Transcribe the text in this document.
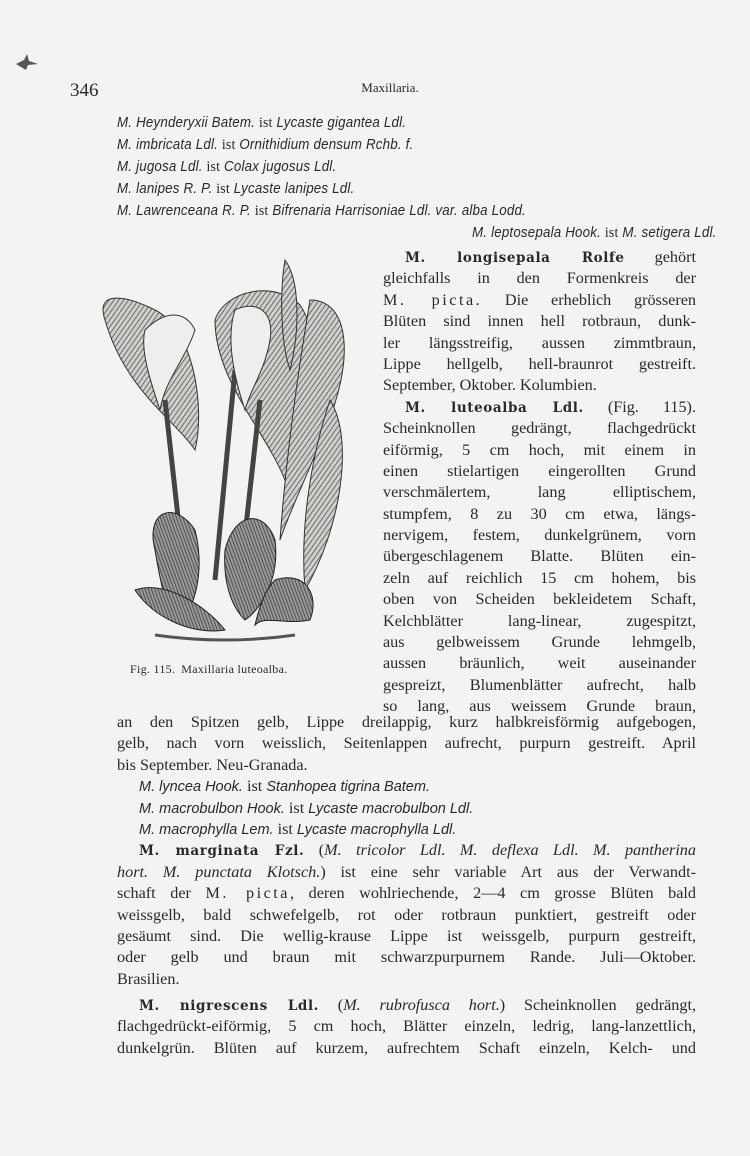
346	Maxillaria.
M. Heynderyxii Batem. ist Lycaste gigantea Ldl.
M. imbricata Ldl. ist Ornithidium densum Rchb. f.
M. jugosa Ldl. ist Colax jugosus Ldl.
M. lanipes R. P. ist Lycaste lanipes Ldl.
M. Lawrenceana R. P. ist Bifrenaria Harrisoniae Ldl. var. alba Lodd.
M. leptosepala Hook. ist M. setigera Ldl.
Fig. 115. Maxillaria luteoalba.
M. longisepala Rolfe gehört
gleichfalls in den Formenkreis der
M. picta. Die erheblich grösseren
Blüten sind innen hell rotbraun, dunk-
ler längsstreifig, aussen zimmtbraun,
Lippe hellgelb, hell-braunrot gestreift.
September, Oktober. Kolumbien.
M. luteoalba Ldl. (Fig. 115).
Scheinknollen gedrängt, flachgedrückt
eiförmig, 5 cm hoch, mit einem in
einen stielartigen eingerollten Grund
verschmälertem, lang elliptischem,
stumpfem, 8 zu 30 cm etwa, längs-
nervigem, festem, dunkelgrünem, vorn
übergeschlagenem Blatte. Blüten ein-
zeln auf reichlich 15 cm hohem, bis
oben von Scheiden bekleidetem Schaft,
Kelchblätter lang-linear, zugespitzt,
aus gelbweissem Grunde lehmgelb,
aussen bräunlich, weit auseinander
gespreizt, Blumenblätter aufrecht, halb
so lang, aus weissem Grunde braun,
an den Spitzen gelb, Lippe dreilappig, kurz halbkreisförmig aufgebogen,
gelb, nach vorn weisslich, Seitenlappen aufrecht, purpurn gestreift. April
bis September. Neu-Granada.
M. lyncea Hook. ist Stanhopea tigrina Batem.
M. macrobulbon Hook. ist Lycaste macrobulbon Ldl.
M. macrophylla Lem. ist Lycaste macrophylla Ldl.
M. marginata Fzl. (M. tricolor Ldl. M. deflexa Ldl. M. pantherina
hort. M. punctata Klotsch.) ist eine sehr variable Art aus der Verwandt-
schaft der M. picta, deren wohlriechende, 2—4 cm grosse Blüten bald
weissgelb, bald schwefelgelb, rot oder rotbraun punktiert, gestreift oder
gesäumt sind. Die wellig-krause Lippe ist weissgelb, purpurn gestreift,
oder gelb und braun mit schwarzpurpurnem Rande. Juli—Oktober.
Brasilien.
M. nigrescens Ldl. (M. rubrofusca hort.) Scheinknollen gedrängt,
flachgedrückt-eiförmig, 5 cm hoch, Blätter einzeln, ledrig, lang-lanzettlich,
dunkelgrün. Blüten auf kurzem, aufrechtem Schaft einzeln, Kelch- und
